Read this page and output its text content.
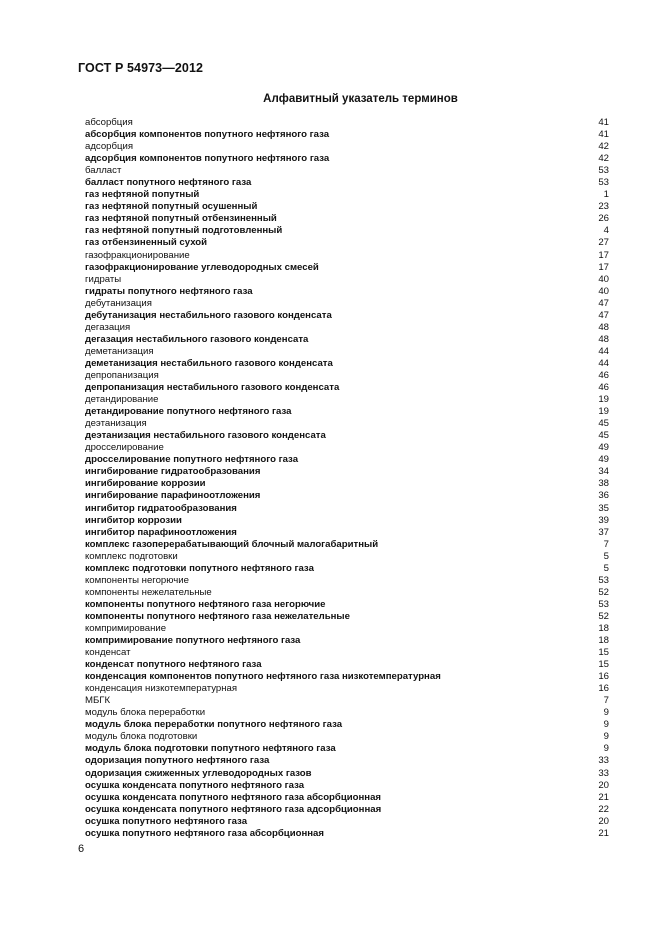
ГОСТ Р 54973—2012
Алфавитный указатель терминов
абсорбция	41
абсорбция компонентов попутного нефтяного газа	41
адсорбция	42
адсорбция компонентов попутного нефтяного газа	42
балласт	53
балласт попутного нефтяного газа	53
газ нефтяной попутный	1
газ нефтяной попутный осушенный	23
газ нефтяной попутный отбензиненный	26
газ нефтяной попутный подготовленный	4
газ отбензиненный сухой	27
газофракционирование	17
газофракционирование углеводородных смесей	17
гидраты	40
гидраты попутного нефтяного газа	40
дебутанизация	47
дебутанизация нестабильного газового конденсата	47
дегазация	48
дегазация нестабильного газового конденсата	48
деметанизация	44
деметанизация нестабильного газового конденсата	44
депропанизация	46
депропанизация нестабильного газового конденсата	46
детандирование	19
детандирование попутного нефтяного газа	19
деэтанизация	45
деэтанизация нестабильного газового конденсата	45
дросселирование	49
дросселирование попутного нефтяного газа	49
ингибирование гидратообразования	34
ингибирование коррозии	38
ингибирование парафиноотложения	36
ингибитор гидратообразования	35
ингибитор коррозии	39
ингибитор парафиноотложения	37
комплекс газоперерабатывающий блочный малогабаритный	7
комплекс подготовки	5
комплекс подготовки попутного нефтяного газа	5
компоненты негорючие	53
компоненты нежелательные	52
компоненты попутного нефтяного газа негорючие	53
компоненты попутного нефтяного газа нежелательные	52
компримирование	18
компримирование попутного нефтяного газа	18
конденсат	15
конденсат попутного нефтяного газа	15
конденсация компонентов попутного нефтяного газа низкотемпературная	16
конденсация низкотемпературная	16
МБГК	7
модуль блока переработки	9
модуль блока переработки попутного нефтяного газа	9
модуль блока подготовки	9
модуль блока подготовки попутного нефтяного газа	9
одоризация попутного нефтяного газа	33
одоризация сжиженных углеводородных газов	33
осушка конденсата попутного нефтяного газа	20
осушка конденсата попутного нефтяного газа абсорбционная	21
осушка конденсата попутного нефтяного газа адсорбционная	22
осушка попутного нефтяного газа	20
осушка попутного нефтяного газа абсорбционная	21
6
